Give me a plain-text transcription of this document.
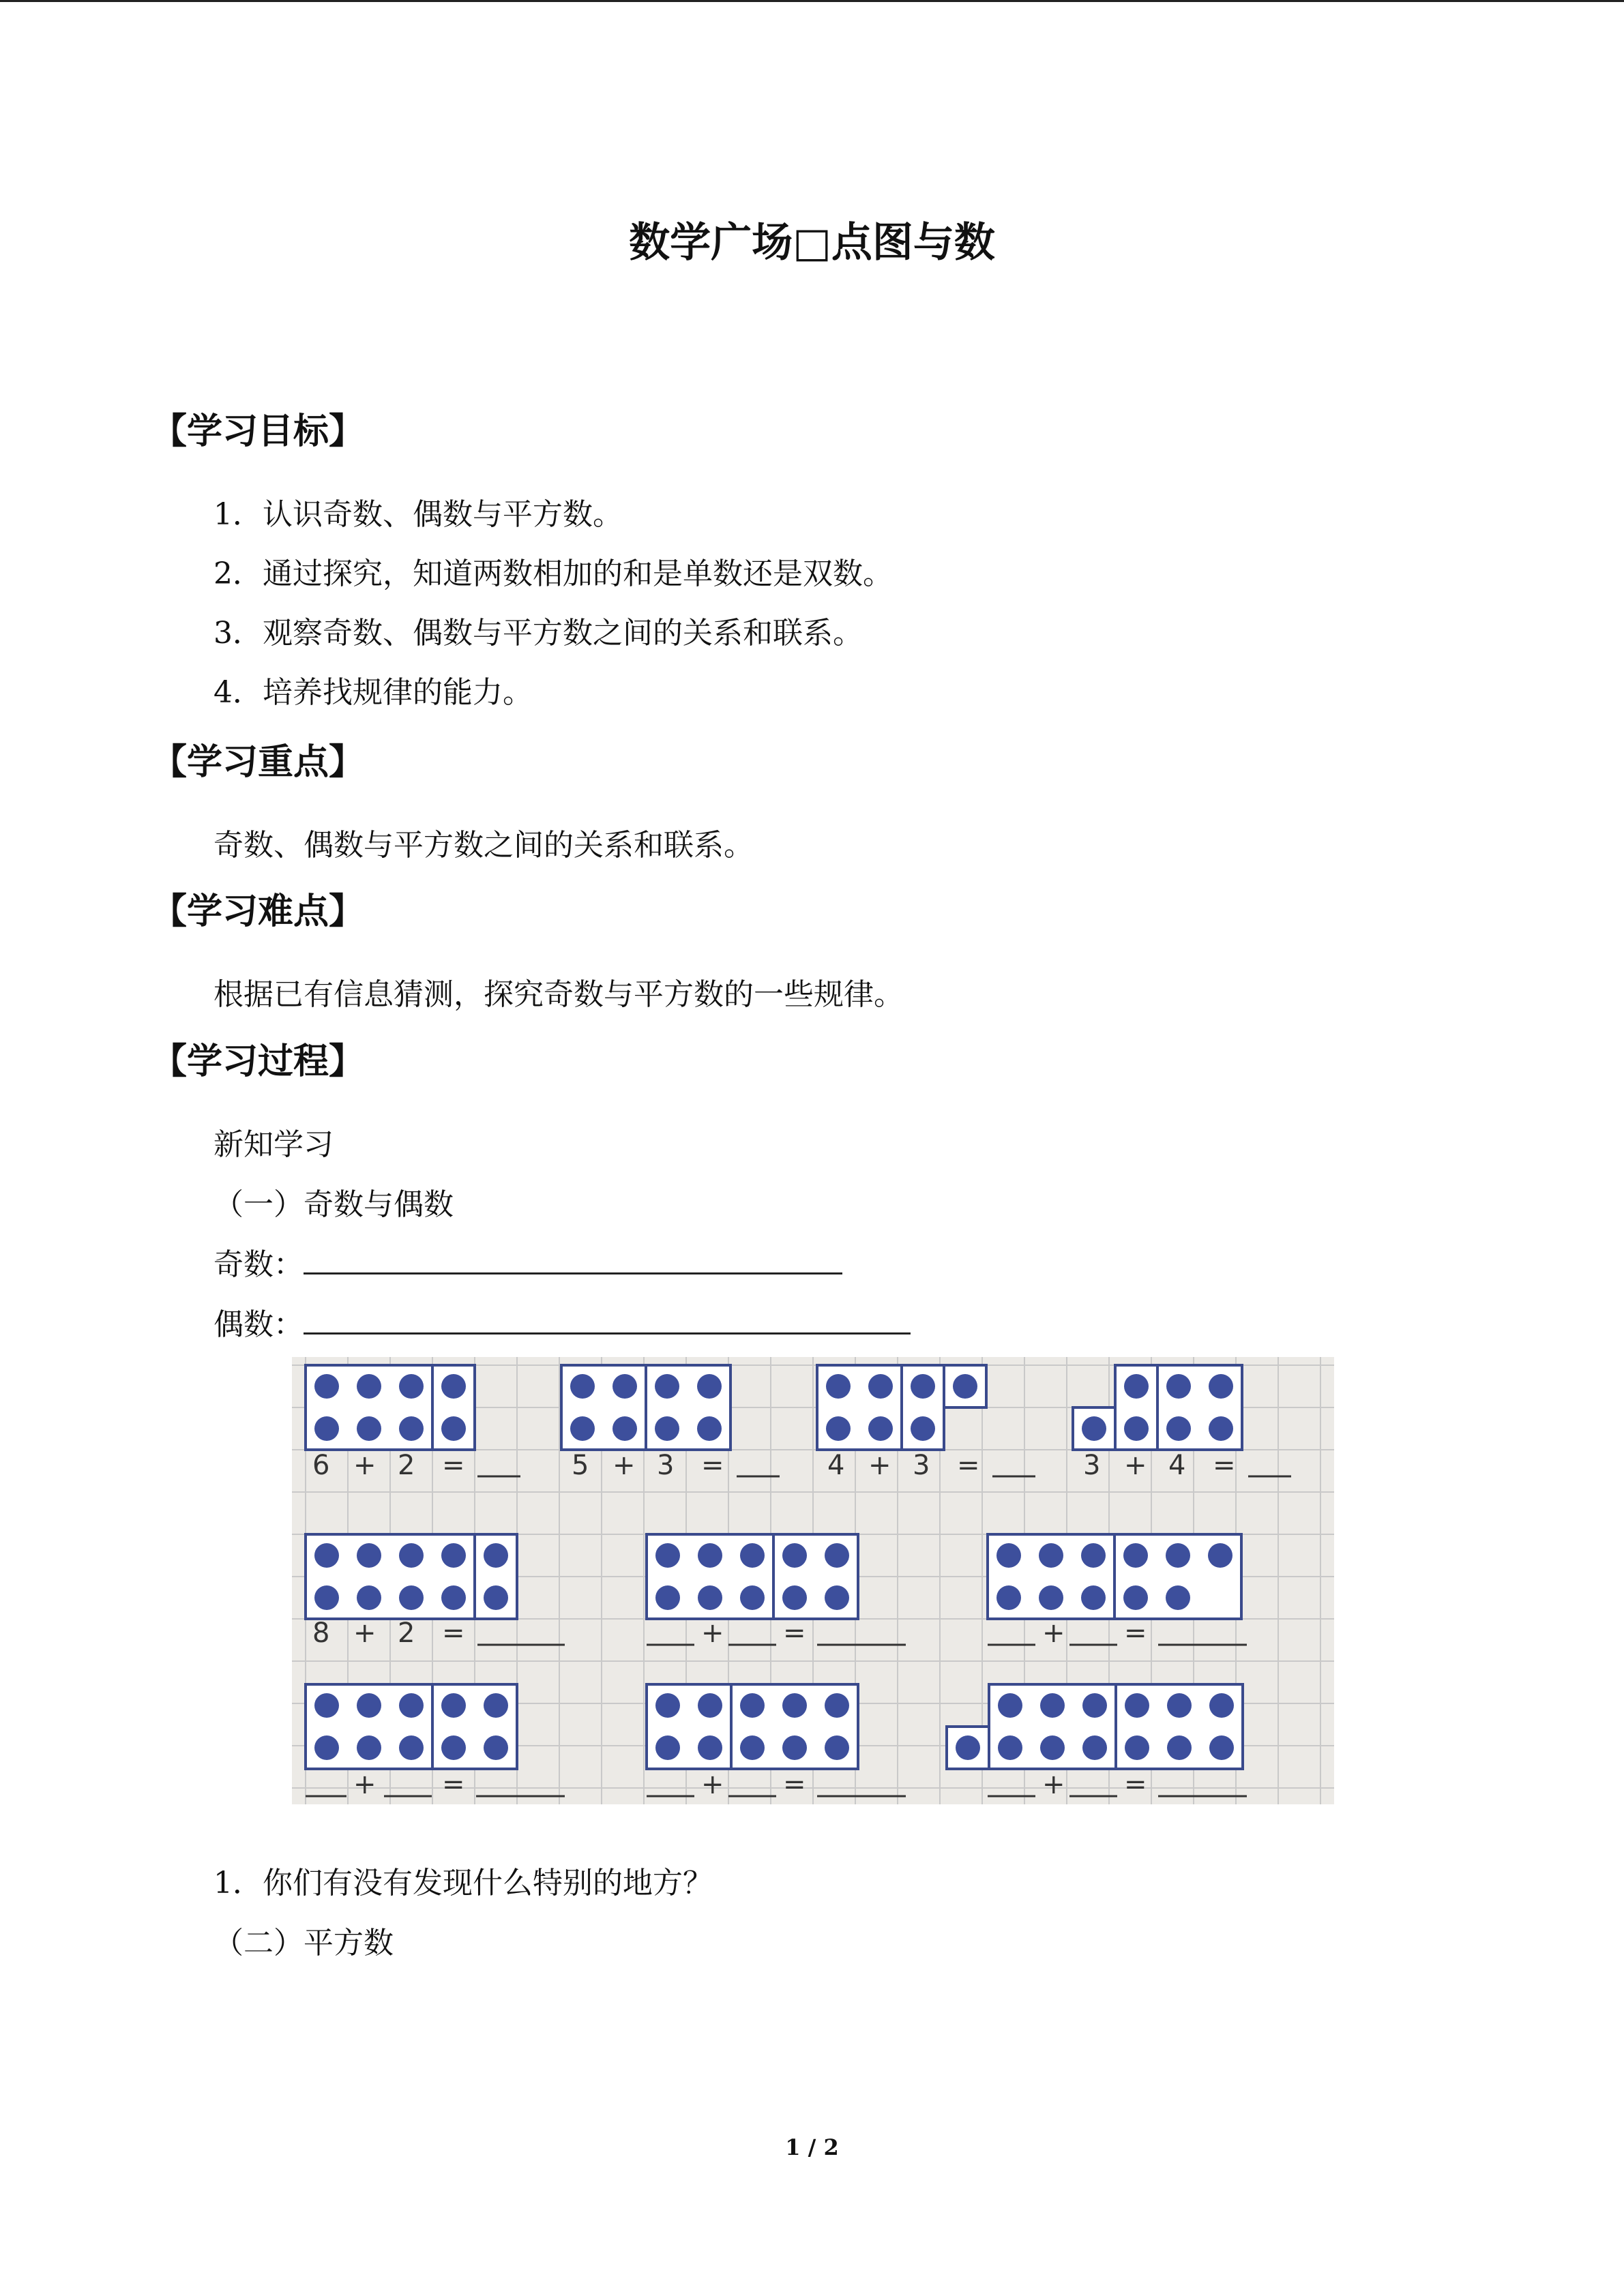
数学广场□点图与数
【学习目标】
1．认识奇数、偶数与平方数。
2．通过探究，知道两数相加的和是单数还是双数。
3．观察奇数、偶数与平方数之间的关系和联系。
4．培养找规律的能力。
【学习重点】
奇数、偶数与平方数之间的关系和联系。
【学习难点】
根据已有信息猜测，探究奇数与平方数的一些规律。
【学习过程】
新知学习
（一）奇数与偶数
奇数：
偶数：
6 + 2 =	5 + 3 =	4 + 3 =	3 + 4 =
8 + 2 =	+ =	+ =
+ =	+ =	+ =
1．你们有没有发现什么特别的地方？
（二）平方数
1 / 2
